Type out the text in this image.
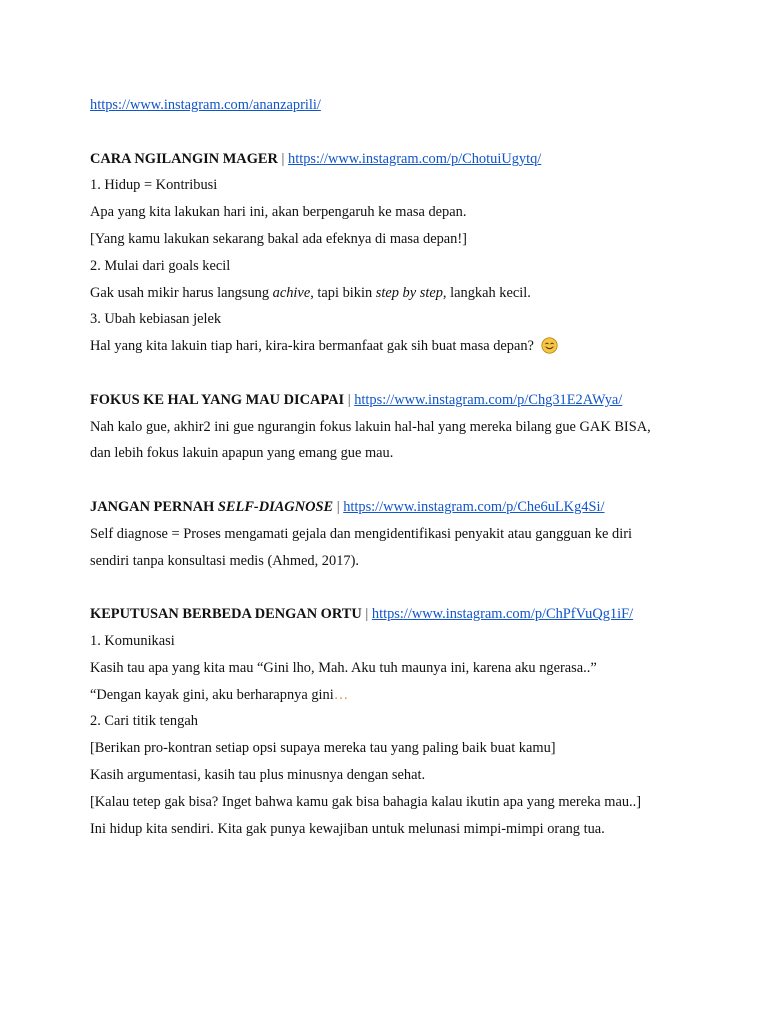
https://www.instagram.com/ananzaprili/
CARA NGILANGIN MAGER | https://www.instagram.com/p/ChotuiUgytq/
1. Hidup = Kontribusi
Apa yang kita lakukan hari ini, akan berpengaruh ke masa depan.
[Yang kamu lakukan sekarang bakal ada efeknya di masa depan!]
2. Mulai dari goals kecil
Gak usah mikir harus langsung achive, tapi bikin step by step, langkah kecil.
3. Ubah kebiasan jelek
Hal yang kita lakuin tiap hari, kira-kira bermanfaat gak sih buat masa depan?
FOKUS KE HAL YANG MAU DICAPAI | https://www.instagram.com/p/Chg31E2AWya/
Nah kalo gue, akhir2 ini gue ngurangin fokus lakuin hal-hal yang mereka bilang gue GAK BISA,
dan lebih fokus lakuin apapun yang emang gue mau.
JANGAN PERNAH SELF-DIAGNOSE | https://www.instagram.com/p/Che6uLKg4Si/
Self diagnose = Proses mengamati gejala dan mengidentifikasi penyakit atau gangguan ke diri
sendiri tanpa konsultasi medis (Ahmed, 2017).
KEPUTUSAN BERBEDA DENGAN ORTU | https://www.instagram.com/p/ChPfVuQg1iF/
1. Komunikasi
Kasih tau apa yang kita mau “Gini lho, Mah. Aku tuh maunya ini, karena aku ngerasa..”
“Dengan kayak gini, aku berharapnya gini…
2. Cari titik tengah
[Berikan pro-kontran setiap opsi supaya mereka tau yang paling baik buat kamu]
Kasih argumentasi, kasih tau plus minusnya dengan sehat.
[Kalau tetep gak bisa? Inget bahwa kamu gak bisa bahagia kalau ikutin apa yang mereka mau..]
Ini hidup kita sendiri. Kita gak punya kewajiban untuk melunasi mimpi-mimpi orang tua.
